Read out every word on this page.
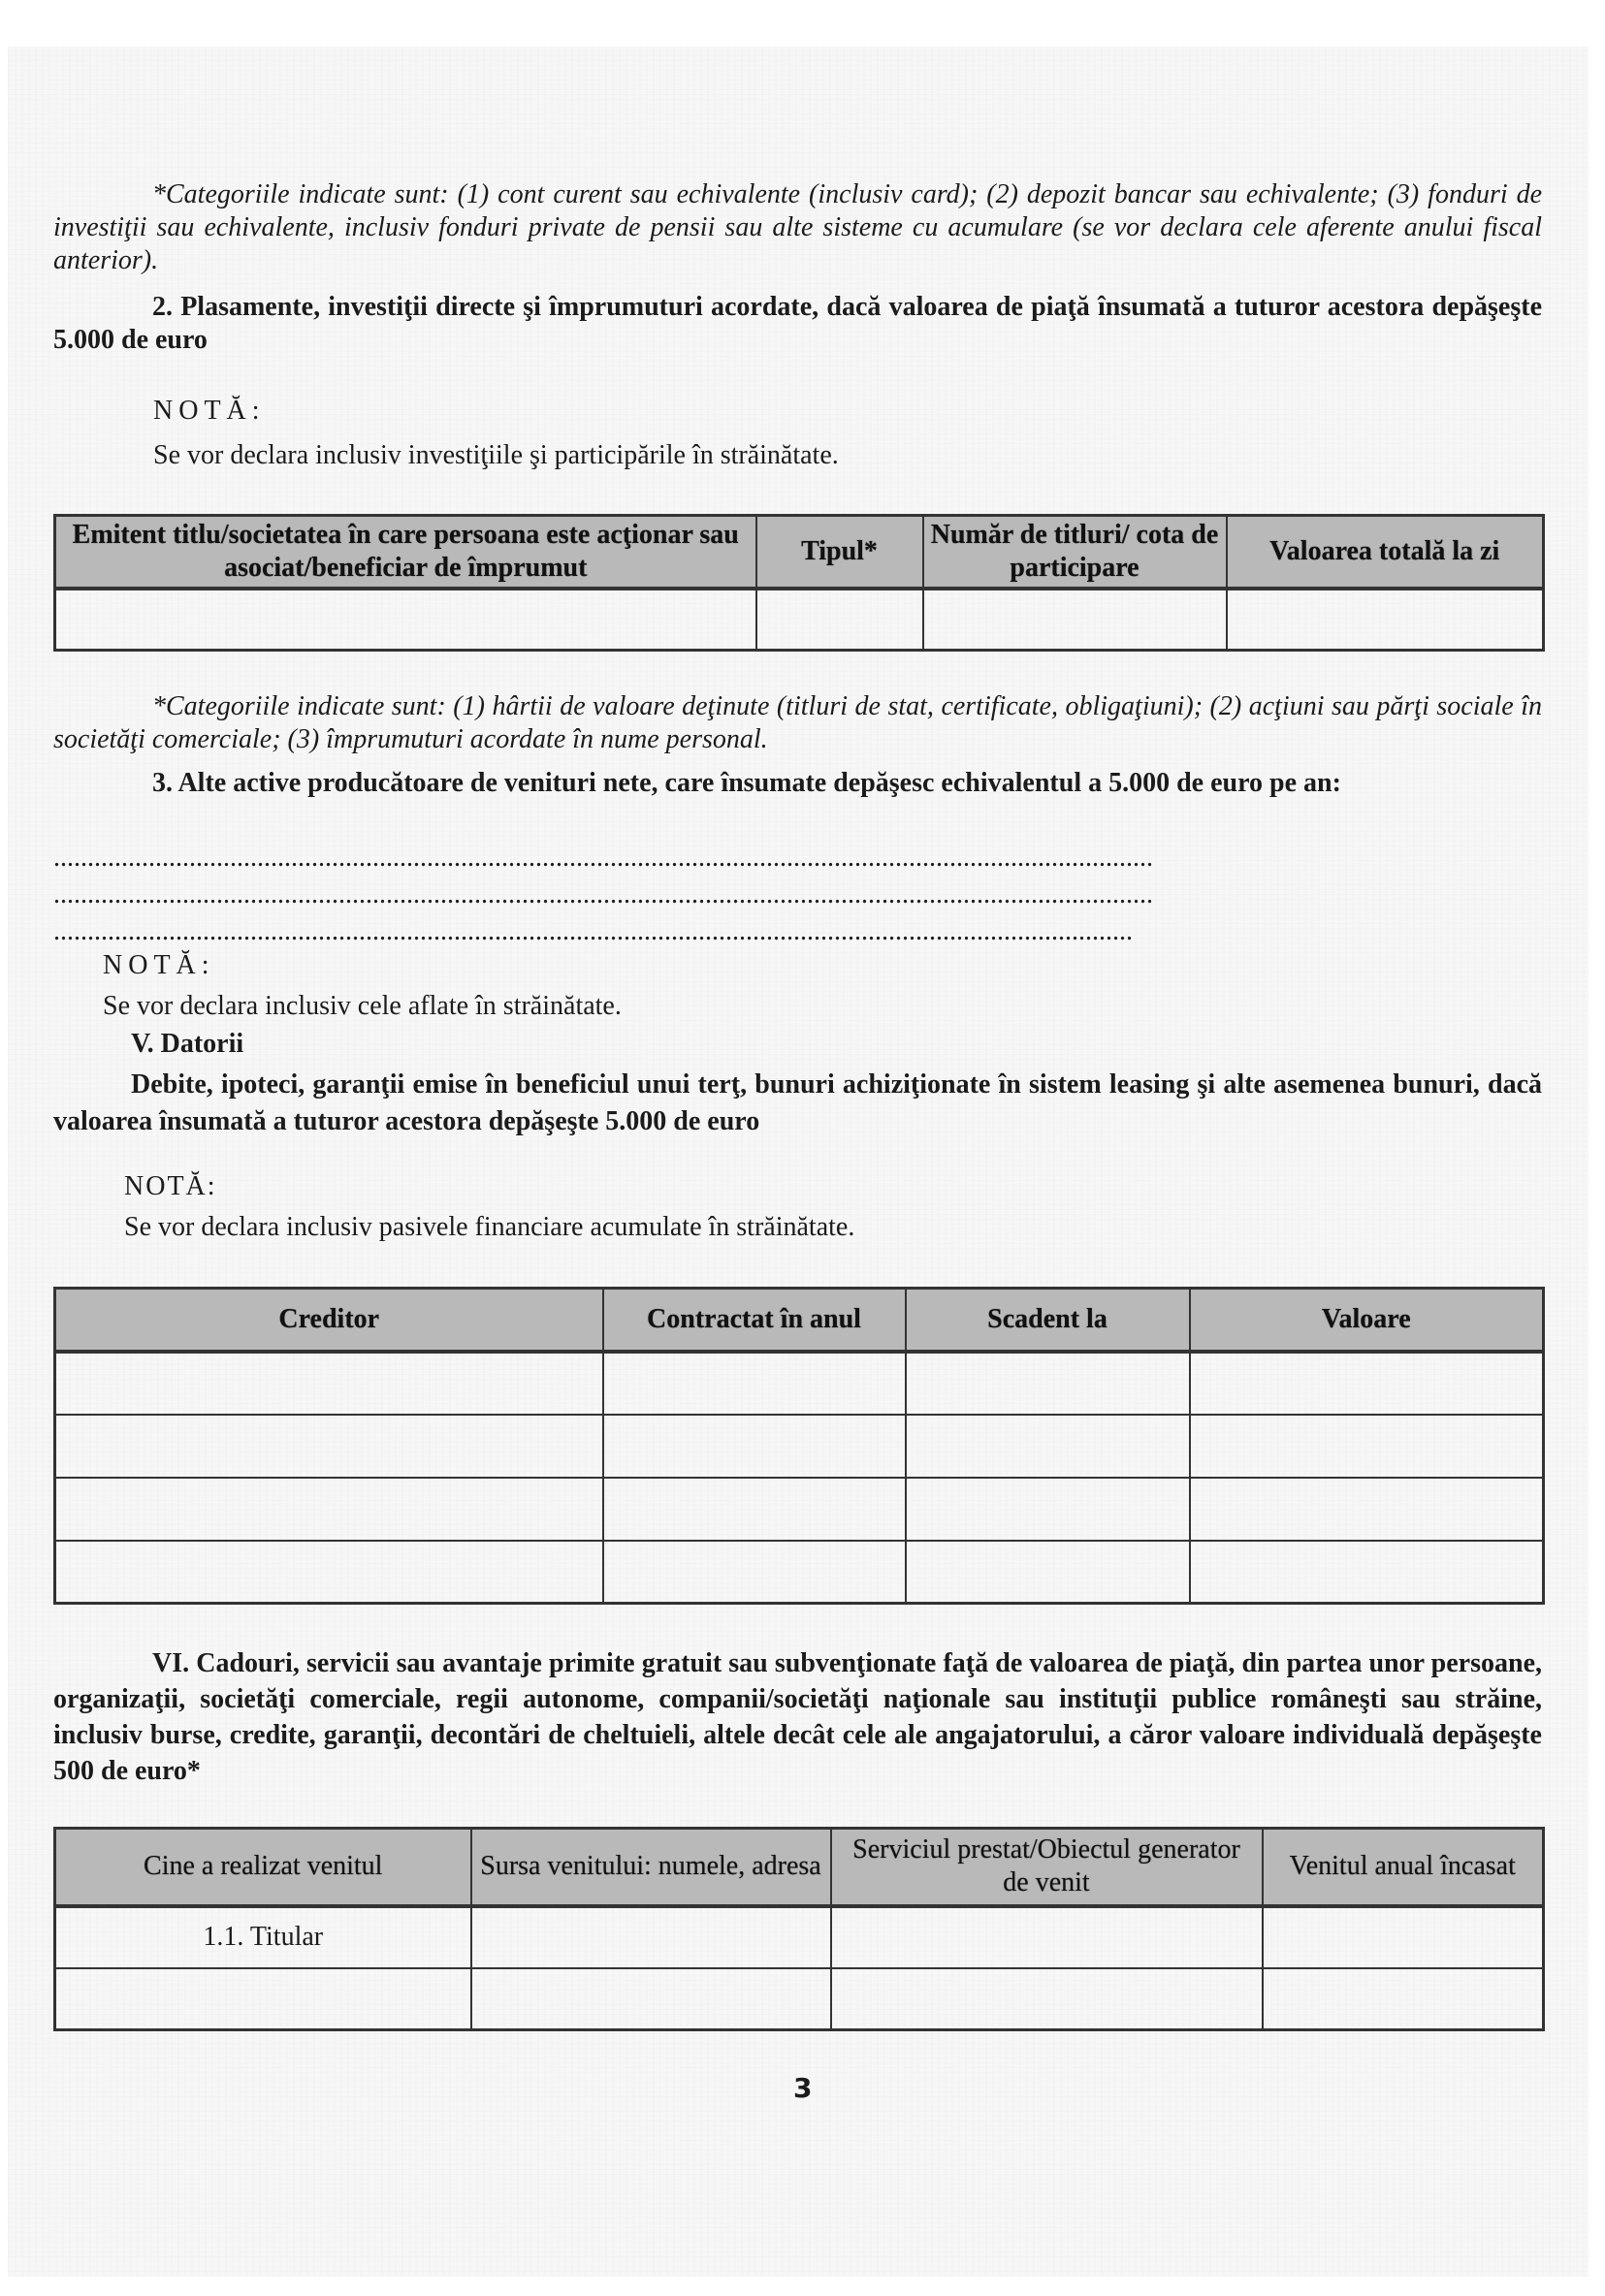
*Categoriile indicate sunt: (1) cont curent sau echivalente (inclusiv card); (2) depozit bancar sau echivalente; (3) fonduri de investiţii sau echivalente, inclusiv fonduri private de pensii sau alte sisteme cu acumulare (se vor declara cele aferente anului fiscal anterior).
2. Plasamente, investiţii directe şi împrumuturi acordate, dacă valoarea de piaţă însumată a tuturor acestora depăşeşte 5.000 de euro
NOTĂ:
Se vor declara inclusiv investiţiile şi participările în străinătate.
Emitent titlu/societatea în care persoana este acţionar sau asociat/beneficiar de împrumut	Tipul*	Număr de titluri/ cota de participare	Valoarea totală la zi

*Categoriile indicate sunt: (1) hârtii de valoare deţinute (titluri de stat, certificate, obligaţiuni); (2) acţiuni sau părţi sociale în societăţi comerciale; (3) împrumuturi acordate în nume personal.
3. Alte active producătoare de venituri nete, care însumate depăşesc echivalentul a 5.000 de euro pe an:
..................................................................................................................................................................
..................................................................................................................................................................
...............................................................................................................................................................
NOTĂ:
Se vor declara inclusiv cele aflate în străinătate.
V. Datorii
Debite, ipoteci, garanţii emise în beneficiul unui terţ, bunuri achiziţionate în sistem leasing şi alte asemenea bunuri, dacă valoarea însumată a tuturor acestora depăşeşte 5.000 de euro
NOTĂ:
Se vor declara inclusiv pasivele financiare acumulate în străinătate.
Creditor	Contractat în anul	Scadent la	Valoare

VI. Cadouri, servicii sau avantaje primite gratuit sau subvenţionate faţă de valoarea de piaţă, din partea unor persoane, organizaţii, societăţi comerciale, regii autonome, companii/societăţi naţionale sau instituţii publice româneşti sau străine, inclusiv burse, credite, garanţii, decontări de cheltuieli, altele decât cele ale angajatorului, a căror valoare individuală depăşeşte 500 de euro*
Cine a realizat venitul	Sursa venitului: numele, adresa	Serviciul prestat/Obiectul generator de venit	Venitul anual încasat
1.1. Titular			

3
